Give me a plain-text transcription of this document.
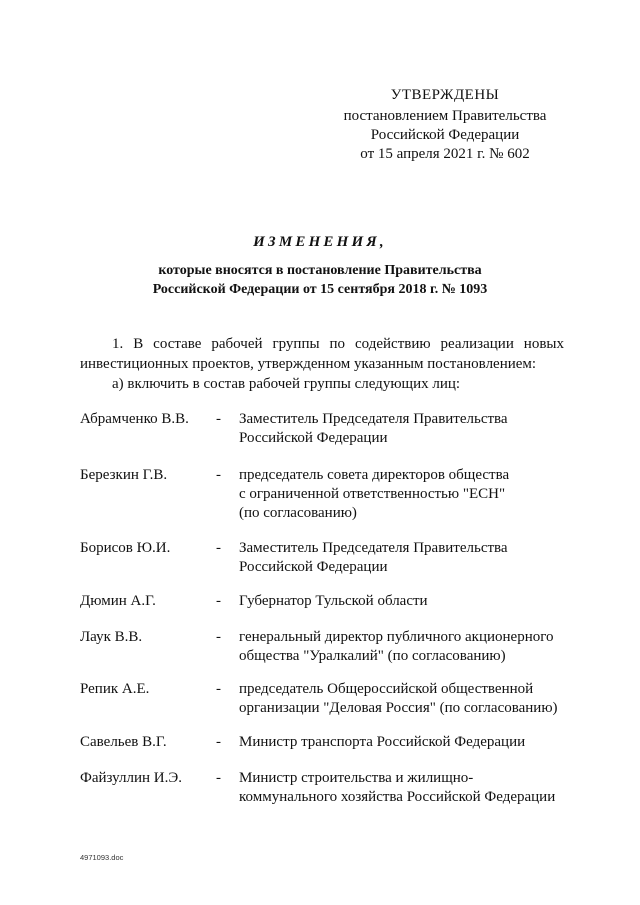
УТВЕРЖДЕНЫ
постановлением Правительства
Российской Федерации
от 15 апреля 2021 г. № 602
ИЗМЕНЕНИЯ,
которые вносятся в постановление Правительства
Российской Федерации от 15 сентября 2018 г. № 1093
1. В составе рабочей группы по содействию реализации новых
инвестиционных проектов, утвержденном указанным постановлением:
а) включить в состав рабочей группы следующих лиц:
Абрамченко В.В.	- Заместитель Председателя Правительства
Российской Федерации
Березкин Г.В.	- председатель совета директоров общества
с ограниченной ответственностью "ЕСН"
(по согласованию)
Борисов Ю.И.	- Заместитель Председателя Правительства
Российской Федерации
Дюмин А.Г.	- Губернатор Тульской области
Лаук В.В.	- генеральный директор публичного акционерного
общества "Уралкалий" (по согласованию)
Репик А.Е.	- председатель Общероссийской общественной
организации "Деловая Россия" (по согласованию)
Савельев В.Г.	- Министр транспорта Российской Федерации
Файзуллин И.Э.	- Министр строительства и жилищно-
коммунального хозяйства Российской Федерации
4971093.doc
